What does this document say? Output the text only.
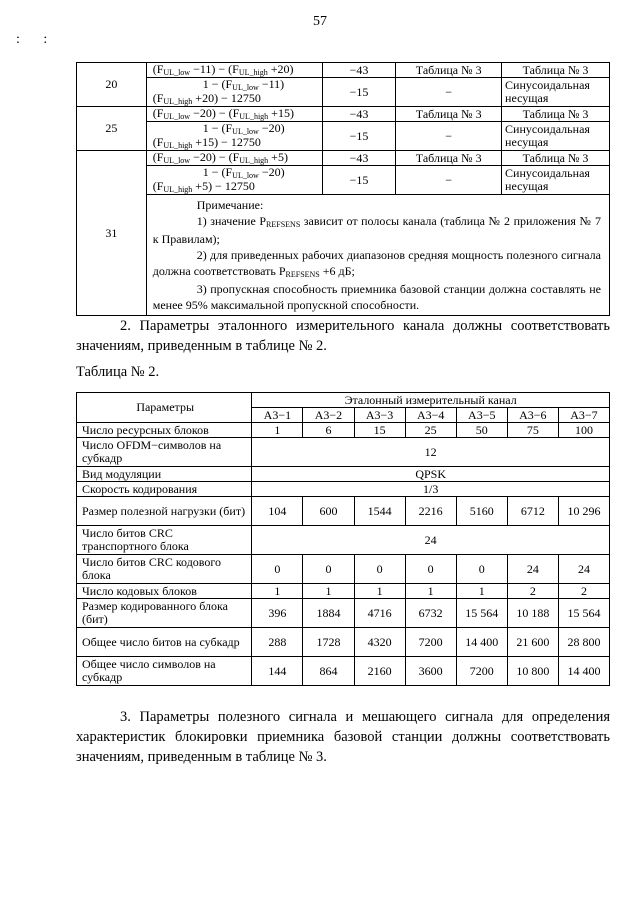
57
: :
20	(FUL_low −11) − (FUL_high +20)	−43	Таблица № 3	Таблица № 3

	1 − (FUL_low −11)
(FUL_high +20) − 12750	−15	−	Синусоидальная несущая
25	(FUL_low −20) − (FUL_high +15)	−43	Таблица № 3	Таблица № 3

	1 − (FUL_low −20)
(FUL_high +15) − 12750	−15	−	Синусоидальная несущая
31	(FUL_low −20) − (FUL_high +5)	−43	Таблица № 3	Таблица № 3

	1 − (FUL_low −20)
(FUL_high +5) − 12750	−15	−	Синусоидальная несущая

	Примечание:

1) значение PREFSENS зависит от полосы канала (таблица № 2 приложения № 7 к Правилам);

2) для приведенных рабочих диапазонов средняя мощность полезного сигнала должна соответствовать PREFSENS +6 дБ;

3) пропускная способность приемника базовой станции должна составлять не менее 95% максимальной пропускной способности.			

2. Параметры эталонного измерительного канала должны соответствовать значениям, приведенным в таблице № 2.

Таблица № 2.
Параметры	Эталонный измерительный канал						
	A3−1	A3−2	A3−3	A3−4	A3−5	A3−6	A3−7
Число ресурсных блоков	1	6	15	25	50	75	100
Число OFDM−символов на субкадр	12						
Вид модуляции	QPSK						
Скорость кодирования	1/3						
Размер полезной нагрузки (бит)	104	600	1544	2216	5160	6712	10 296
Число битов CRC транспортного блока	24						
Число битов CRC кодового блока	0	0	0	0	0	24	24
Число кодовых блоков	1	1	1	1	1	2	2
Размер кодированного блока (бит)	396	1884	4716	6732	15 564	10 188	15 564
Общее число битов на субкадр	288	1728	4320	7200	14 400	21 600	28 800
Общее число символов на субкадр	144	864	2160	3600	7200	10 800	14 400

3. Параметры полезного сигнала и мешающего сигнала для определения характеристик блокировки приемника базовой станции должны соответствовать значениям, приведенным в таблице № 3.
